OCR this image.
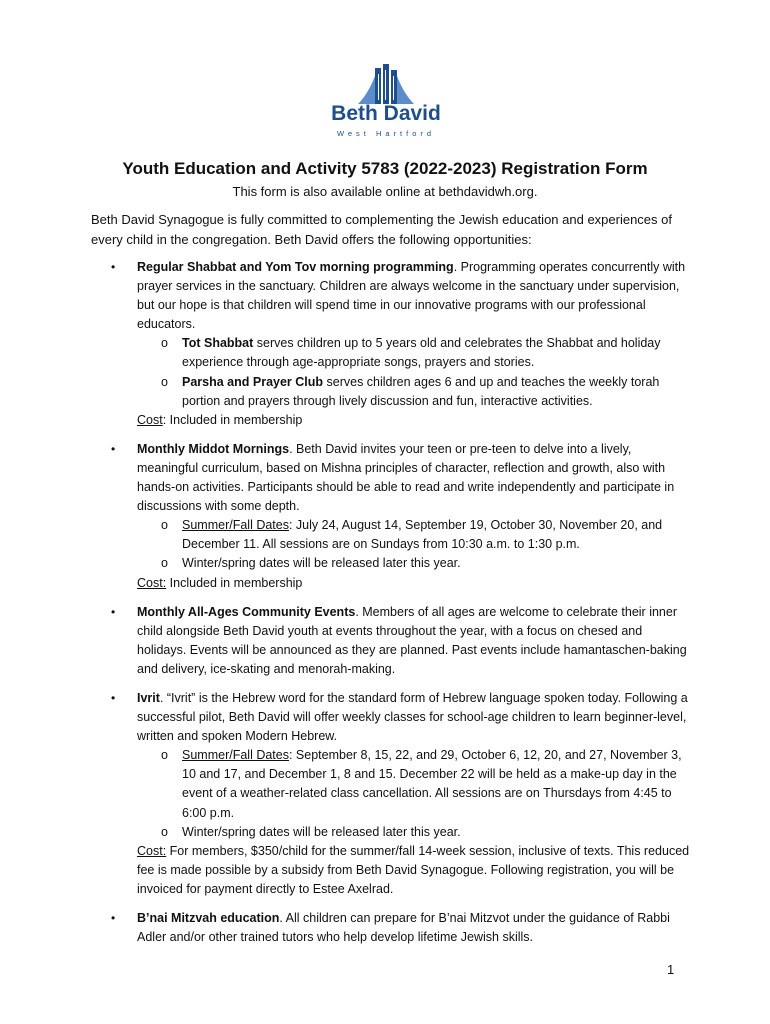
Beth David
West Hartford
Youth Education and Activity 5783 (2022-2023) Registration Form
This form is also available online at bethdavidwh.org.

Beth David Synagogue is fully committed to complementing the Jewish education and experiences of every child in the congregation. Beth David offers the following opportunities:

• Regular Shabbat and Yom Tov morning programming. Programming operates concurrently with prayer services in the sanctuary. Children are always welcome in the sanctuary under supervision, but our hope is that children will spend time in our innovative programs with our professional educators.

o Tot Shabbat serves children up to 5 years old and celebrates the Shabbat and holiday experience through age-appropriate songs, prayers and stories.
o Parsha and Prayer Club serves children ages 6 and up and teaches the weekly torah portion and prayers through lively discussion and fun, interactive activities.

Cost: Included in membership

• Monthly Middot Mornings. Beth David invites your teen or pre-teen to delve into a lively, meaningful curriculum, based on Mishna principles of character, reflection and growth, also with hands-on activities. Participants should be able to read and write independently and participate in discussions with some depth.

o Summer/Fall Dates: July 24, August 14, September 19, October 30, November 20, and December 11. All sessions are on Sundays from 10:30 a.m. to 1:30 p.m.
o Winter/spring dates will be released later this year.

Cost: Included in membership

• Monthly All-Ages Community Events. Members of all ages are welcome to celebrate their inner child alongside Beth David youth at events throughout the year, with a focus on chesed and holidays. Events will be announced as they are planned. Past events include hamantaschen-baking and delivery, ice-skating and menorah-making.

• Ivrit. “Ivrit” is the Hebrew word for the standard form of Hebrew language spoken today. Following a successful pilot, Beth David will offer weekly classes for school-age children to learn beginner-level, written and spoken Modern Hebrew.

o Summer/Fall Dates: September 8, 15, 22, and 29, October 6, 12, 20, and 27, November 3, 10 and 17, and December 1, 8 and 15. December 22 will be held as a make-up day in the event of a weather-related class cancellation. All sessions are on Thursdays from 4:45 to 6:00 p.m.
o Winter/spring dates will be released later this year.

Cost: For members, $350/child for the summer/fall 14-week session, inclusive of texts. This reduced fee is made possible by a subsidy from Beth David Synagogue. Following registration, you will be invoiced for payment directly to Estee Axelrad.

• B’nai Mitzvah education. All children can prepare for B’nai Mitzvot under the guidance of Rabbi Adler and/or other trained tutors who help develop lifetime Jewish skills.

1
